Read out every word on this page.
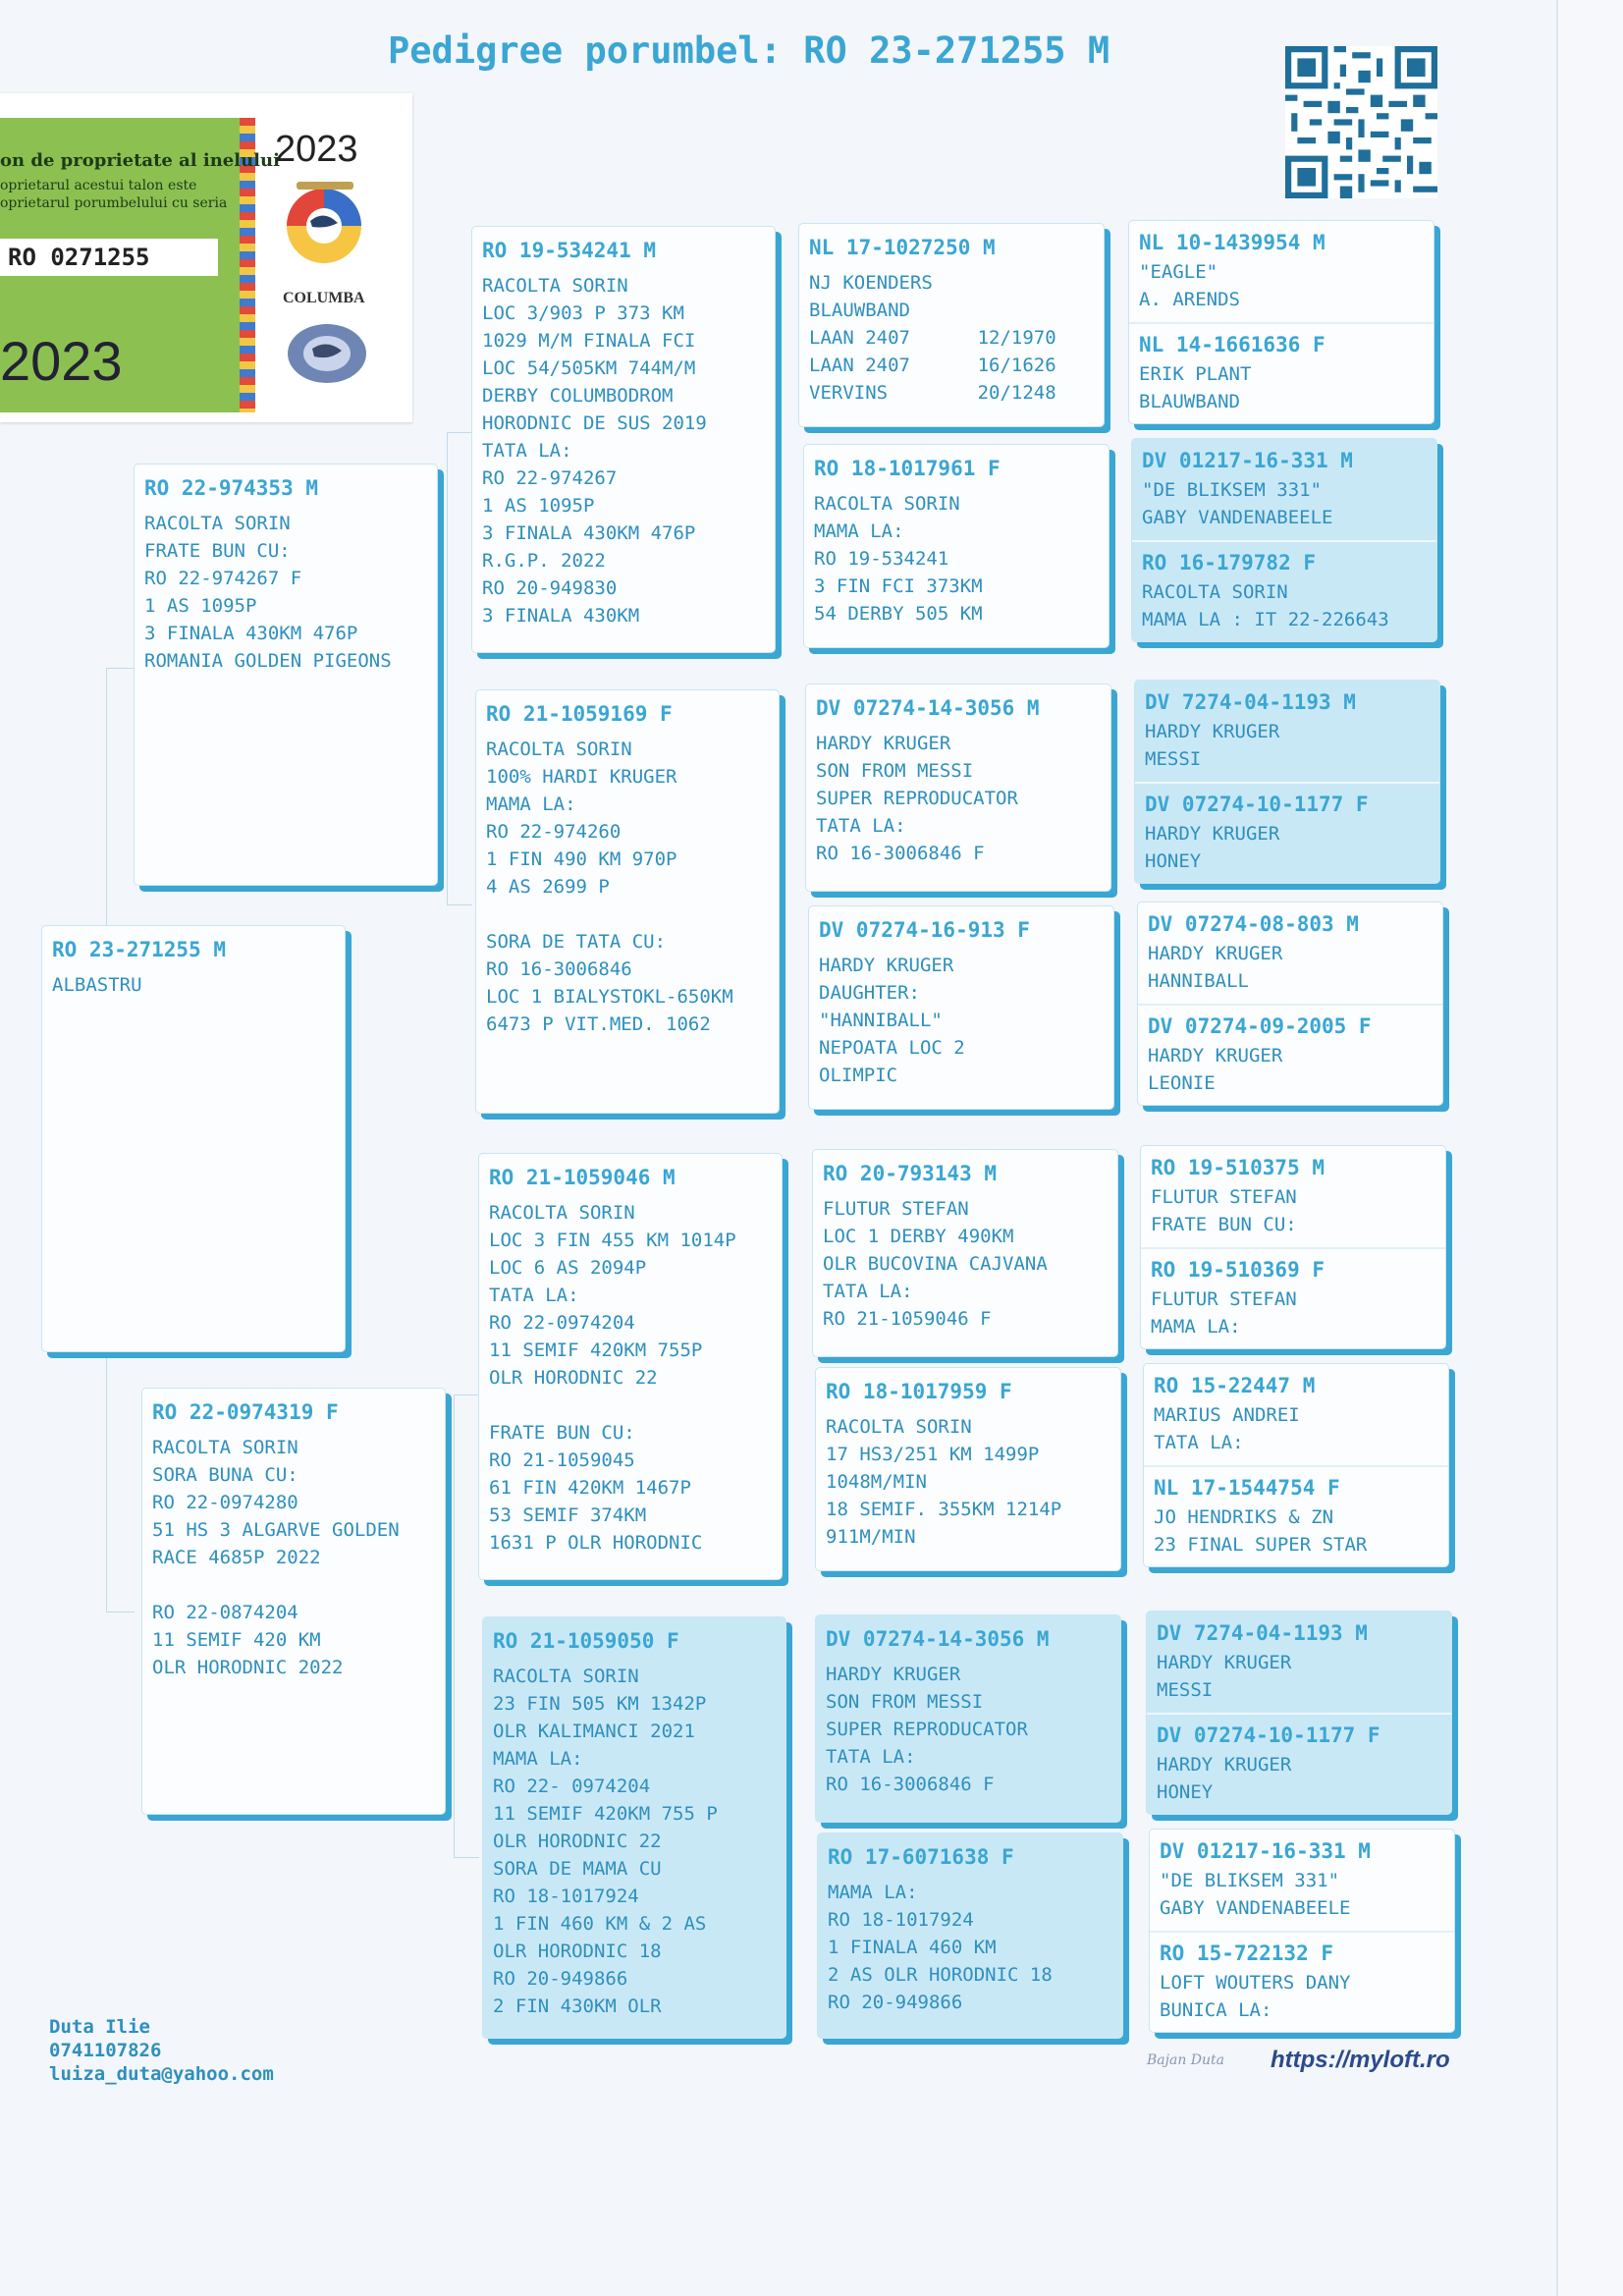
Pedigree porumbel: RO 23-271255 M
on de proprietate al inelului
oprietarul acestui talon este
oprietarul porumbelului cu seria
RO 0271255
2023
2023
COLUMBA
RO 23-271255 M
ALBASTRU
RO 22-974353 M
RACOLTA SORIN
FRATE BUN CU:
RO 22-974267 F
1 AS 1095P
3 FINALA 430KM 476P
ROMANIA GOLDEN PIGEONS
RO 22-0974319 F
RACOLTA SORIN
SORA BUNA CU:
RO 22-0974280
51 HS 3 ALGARVE GOLDEN
RACE 4685P 2022

RO 22-0874204
11 SEMIF 420 KM
OLR HORODNIC 2022
RO 19-534241 M
RACOLTA SORIN
LOC 3/903 P 373 KM
1029 M/M FINALA FCI
LOC 54/505KM 744M/M
DERBY COLUMBODROM
HORODNIC DE SUS 2019
TATA LA:
RO 22-974267
1 AS 1095P
3 FINALA 430KM 476P
R.G.P. 2022
RO 20-949830
3 FINALA 430KM
RO 21-1059169 F
RACOLTA SORIN
100% HARDI KRUGER
MAMA LA:
RO 22-974260
1 FIN 490 KM 970P
4 AS 2699 P

SORA DE TATA CU:
RO 16-3006846
LOC 1 BIALYSTOKL-650KM
6473 P VIT.MED. 1062
RO 21-1059046 M
RACOLTA SORIN
LOC 3 FIN 455 KM 1014P
LOC 6 AS 2094P
TATA LA:
RO 22-0974204
11 SEMIF 420KM 755P
OLR HORODNIC 22

FRATE BUN CU:
RO 21-1059045
61 FIN 420KM 1467P
53 SEMIF 374KM
1631 P OLR HORODNIC
RO 21-1059050 F
RACOLTA SORIN
23 FIN 505 KM 1342P
OLR KALIMANCI 2021
MAMA LA:
RO 22- 0974204
11 SEMIF 420KM 755 P
OLR HORODNIC 22
SORA DE MAMA CU
RO 18-1017924
1 FIN 460 KM & 2 AS
OLR HORODNIC 18
RO 20-949866
2 FIN 430KM OLR
NL 17-1027250 M
NJ KOENDERS
BLAUWBAND
LAAN 2407      12/1970
LAAN 2407      16/1626
VERVINS        20/1248
RO 18-1017961 F
RACOLTA SORIN
MAMA LA:
RO 19-534241
3 FIN FCI 373KM
54 DERBY 505 KM
DV 07274-14-3056 M
HARDY KRUGER
SON FROM MESSI
SUPER REPRODUCATOR
TATA LA:
RO 16-3006846 F
DV 07274-16-913 F
HARDY KRUGER
DAUGHTER:
"HANNIBALL"
NEPOATA LOC 2
OLIMPIC
RO 20-793143 M
FLUTUR STEFAN
LOC 1 DERBY 490KM
OLR BUCOVINA CAJVANA
TATA LA:
RO 21-1059046 F
RO 18-1017959 F
RACOLTA SORIN
17 HS3/251 KM 1499P
1048M/MIN
18 SEMIF. 355KM 1214P
911M/MIN
DV 07274-14-3056 M
HARDY KRUGER
SON FROM MESSI
SUPER REPRODUCATOR
TATA LA:
RO 16-3006846 F
RO 17-6071638 F
MAMA LA:
RO 18-1017924
1 FINALA 460 KM
2 AS OLR HORODNIC 18
RO 20-949866
NL 10-1439954 M
"EAGLE"
A. ARENDS
NL 14-1661636 F
ERIK PLANT
BLAUWBAND
DV 01217-16-331 M
"DE BLIKSEM 331"
GABY VANDENABEELE
RO 16-179782 F
RACOLTA SORIN
MAMA LA : IT 22-226643
DV 7274-04-1193 M
HARDY KRUGER
MESSI
DV 07274-10-1177 F
HARDY KRUGER
HONEY
DV 07274-08-803 M
HARDY KRUGER
HANNIBALL
DV 07274-09-2005 F
HARDY KRUGER
LEONIE
RO 19-510375 M
FLUTUR STEFAN
FRATE BUN CU:
RO 19-510369 F
FLUTUR STEFAN
MAMA LA:
RO 15-22447 M
MARIUS ANDREI
TATA LA:
NL 17-1544754 F
JO HENDRIKS & ZN
23 FINAL SUPER STAR
DV 7274-04-1193 M
HARDY KRUGER
MESSI
DV 07274-10-1177 F
HARDY KRUGER
HONEY
DV 01217-16-331 M
"DE BLIKSEM 331"
GABY VANDENABEELE
RO 15-722132 F
LOFT WOUTERS DANY
BUNICA LA:
Duta Ilie
0741107826
luiza_duta@yahoo.com
Bajan Duta https://myloft.ro
